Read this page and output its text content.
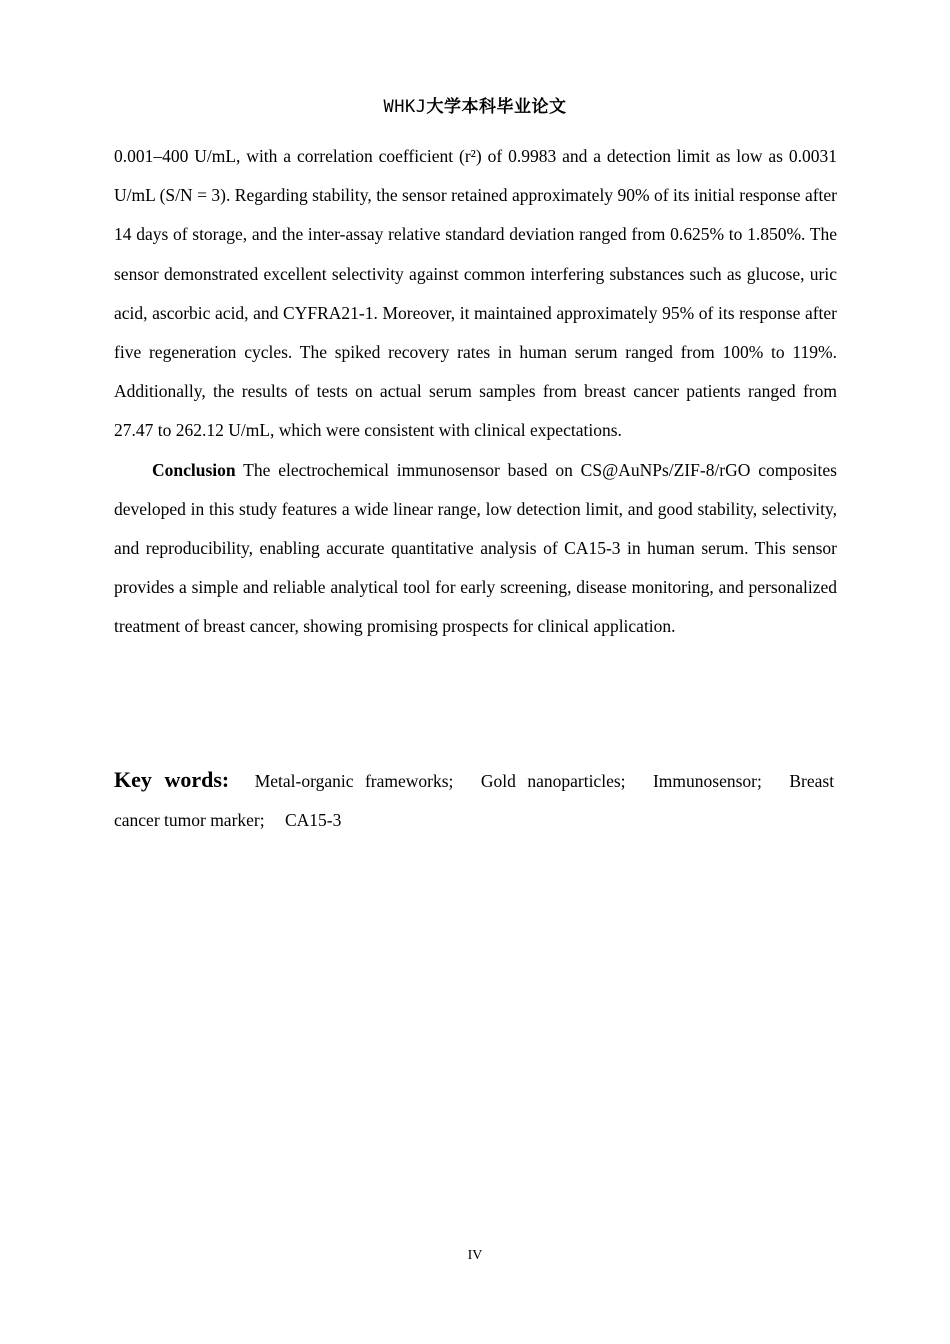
WHKJ大学本科毕业论文

0.001–400 U/mL, with a correlation coefficient (r²) of 0.9983 and a detection limit as low as 0.0031 U/mL (S/N = 3). Regarding stability, the sensor retained approximately 90% of its initial response after 14 days of storage, and the inter-assay relative standard deviation ranged from 0.625% to 1.850%. The sensor demonstrated excellent selectivity against common interfering substances such as glucose, uric acid, ascorbic acid, and CYFRA21-1. Moreover, it maintained approximately 95% of its response after five regeneration cycles. The spiked recovery rates in human serum ranged from 100% to 119%. Additionally, the results of tests on actual serum samples from breast cancer patients ranged from 27.47 to 262.12 U/mL, which were consistent with clinical expectations.

Conclusion The electrochemical immunosensor based on CS@AuNPs/ZIF-8/rGO composites developed in this study features a wide linear range, low detection limit, and good stability, selectivity, and reproducibility, enabling accurate quantitative analysis of CA15-3 in human serum. This sensor provides a simple and reliable analytical tool for early screening, disease monitoring, and personalized treatment of breast cancer, showing promising prospects for clinical application.

Key words: Metal-organic frameworks; Gold nanoparticles; Immunosensor; Breast cancer tumor marker; CA15-3
IV
